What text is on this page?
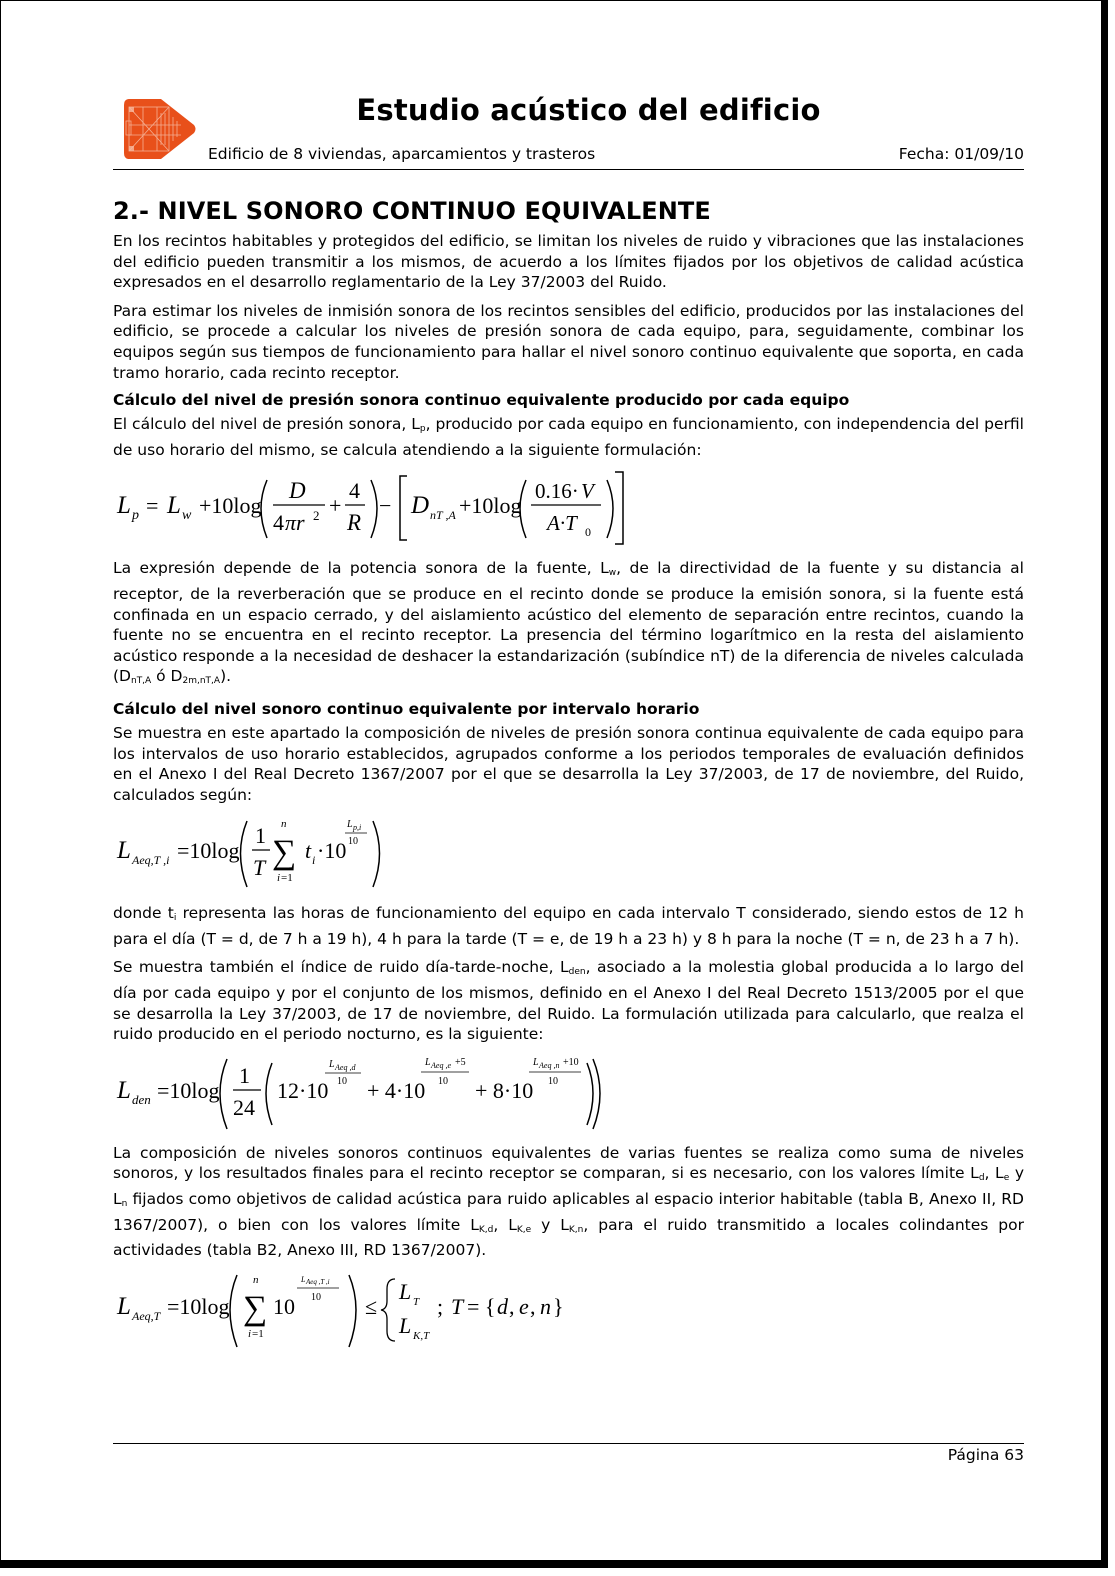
Estudio acústico del edificio
Edificio de 8 viviendas, aparcamientos y trasteros	Fecha: 01/09/10
2.- NIVEL SONORO CONTINUO EQUIVALENTE

En los recintos habitables y protegidos del edificio, se limitan los niveles de ruido y vibraciones que las instalaciones del edificio pueden transmitir a los mismos, de acuerdo a los límites fijados por los objetivos de calidad acústica expresados en el desarrollo reglamentario de la Ley 37/2003 del Ruido.

Para estimar los niveles de inmisión sonora de los recintos sensibles del edificio, producidos por las instalaciones del edificio, se procede a calcular los niveles de presión sonora de cada equipo, para, seguidamente, combinar los equipos según sus tiempos de funcionamiento para hallar el nivel sonoro continuo equivalente que soporta, en cada tramo horario, cada recinto receptor.

Cálculo del nivel de presión sonora continuo equivalente producido por cada equipo

El cálculo del nivel de presión sonora, $L_p$, producido por cada equipo en funcionamiento, con independencia del perfil de uso horario del mismo, se calcula atendiendo a la siguiente formulación:

L p = L w +10log
D
4 πr 2 +
4
R
− D nT ,A +10log
0.16· V
A·T 0

La expresión depende de la potencia sonora de la fuente, $L_w$, de la directividad de la fuente y su distancia al receptor, de la reverberación que se produce en el recinto donde se produce la emisión sonora, si la fuente está confinada en un espacio cerrado, y del aislamiento acústico del elemento de separación entre recintos, cuando la fuente no se encuentra en el recinto receptor. La presencia del término logarítmico en la resta del aislamiento acústico responde a la necesidad de deshacer la estandarización (subíndice nT) de la diferencia de niveles calculada ($D_{nT,A}$ ó $D_{2m,nT,A}$).

Cálculo del nivel sonoro continuo equivalente por intervalo horario

Se muestra en este apartado la composición de niveles de presión sonora continua equivalente de cada equipo para los intervalos de uso horario establecidos, agrupados conforme a los periodos temporales de evaluación definidos en el Anexo I del Real Decreto 1367/2007 por el que se desarrolla la Ley 37/2003, de 17 de noviembre, del Ruido, calculados según:

L Aeq,T ,i =10log
1
T
n
∑
i =1
t i ·10
L p,i
10

donde $t_i$ representa las horas de funcionamiento del equipo en cada intervalo T considerado, siendo estos de 12 h para el día (T = d, de 7 h a 19 h), 4 h para la tarde (T = e, de 19 h a 23 h) y 8 h para la noche (T = n, de 23 h a 7 h).

Se muestra también el índice de ruido día-tarde-noche, $L_{den}$, asociado a la molestia global producida a lo largo del día por cada equipo y por el conjunto de los mismos, definido en el Anexo I del Real Decreto 1513/2005 por el que se desarrolla la Ley 37/2003, de 17 de noviembre, del Ruido. La formulación utilizada para calcularlo, que realza el ruido producido en el periodo nocturno, es la siguiente:

L den =10log
1
24
12·10
L Aeq ,d
10 + 4·10
L Aeq ,e +5
10 + 8·10
L Aeq ,n +10
10

La composición de niveles sonoros continuos equivalentes de varias fuentes se realiza como suma de niveles sonoros, y los resultados finales para el recinto receptor se comparan, si es necesario, con los valores límite $L_d$, $L_e$ y $L_n$ fijados como objetivos de calidad acústica para ruido aplicables al espacio interior habitable (tabla B, Anexo II, RD 1367/2007), o bien con los valores límite $L_{K,d}$, $L_{K,e}$ y $L_{K,n}$, para el ruido transmitido a locales colindantes por actividades (tabla B2, Anexo III, RD 1367/2007).

L Aeq,T =10log
n
∑
i =1
10
L Aeq ,T ,i
10 ≤
L T
L K,T
; T = { d , e , n }
Página 63
